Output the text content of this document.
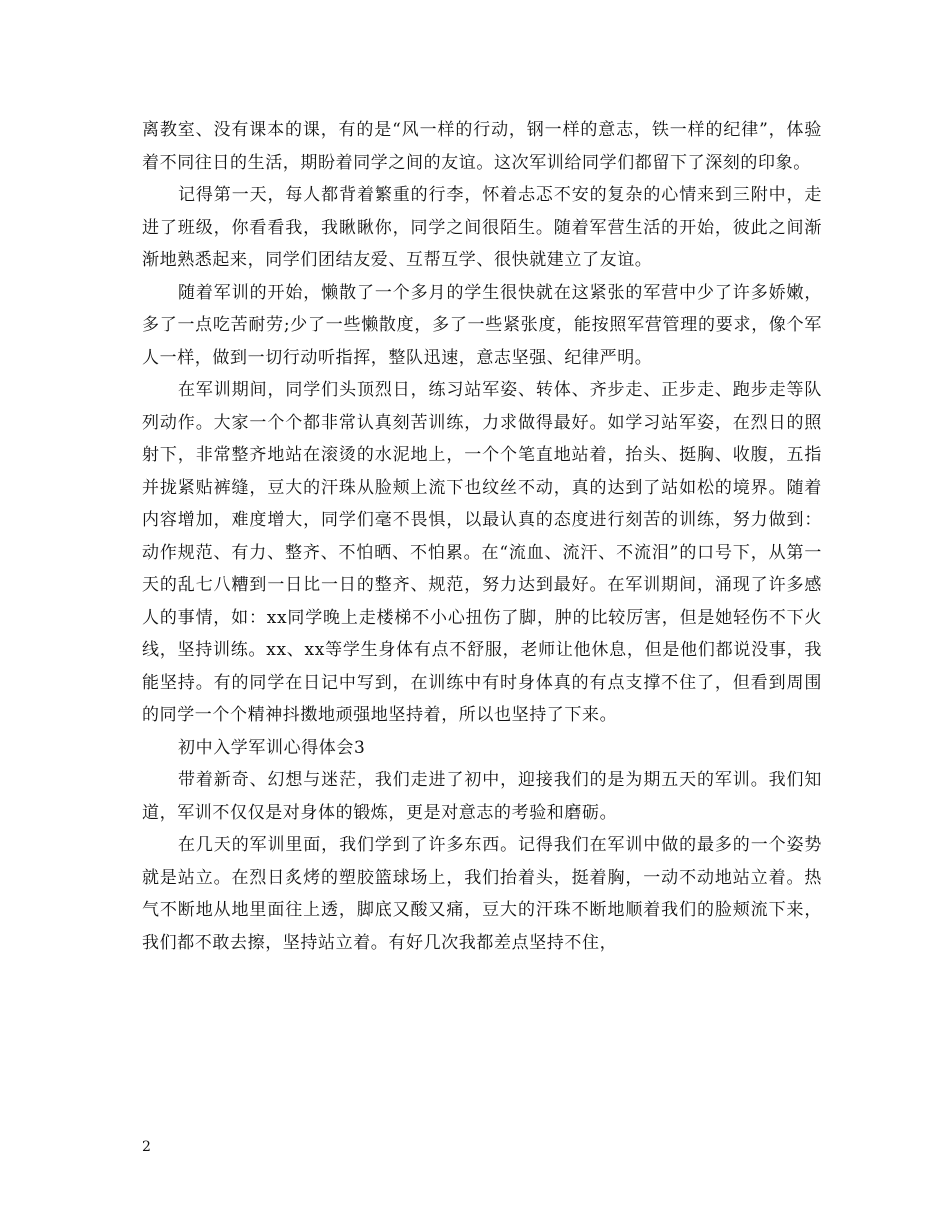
离教室、没有课本的课，有的是“风一样的行动，钢一样的意志，铁一样的纪律”，体验着不同往日的生活，期盼着同学之间的友谊。这次军训给同学们都留下了深刻的印象。

记得第一天，每人都背着繁重的行李，怀着忐忑不安的复杂的心情来到三附中，走进了班级，你看看我，我瞅瞅你，同学之间很陌生。随着军营生活的开始，彼此之间渐渐地熟悉起来，同学们团结友爱、互帮互学、很快就建立了友谊。

随着军训的开始，懒散了一个多月的学生很快就在这紧张的军营中少了许多娇嫩，多了一点吃苦耐劳;少了一些懒散度，多了一些紧张度，能按照军营管理的要求，像个军人一样，做到一切行动听指挥，整队迅速，意志坚强、纪律严明。

在军训期间，同学们头顶烈日，练习站军姿、转体、齐步走、正步走、跑步走等队列动作。大家一个个都非常认真刻苦训练，力求做得最好。如学习站军姿，在烈日的照射下，非常整齐地站在滚烫的水泥地上，一个个笔直地站着，抬头、挺胸、收腹，五指并拢紧贴裤缝，豆大的汗珠从脸颊上流下也纹丝不动，真的达到了站如松的境界。随着内容增加，难度增大，同学们毫不畏惧，以最认真的态度进行刻苦的训练，努力做到：动作规范、有力、整齐、不怕晒、不怕累。在“流血、流汗、不流泪”的口号下，从第一天的乱七八糟到一日比一日的整齐、规范，努力达到最好。在军训期间，涌现了许多感人的事情，如：xx同学晚上走楼梯不小心扭伤了脚，肿的比较厉害，但是她轻伤不下火线，坚持训练。xx、xx等学生身体有点不舒服，老师让他休息，但是他们都说没事，我能坚持。有的同学在日记中写到，在训练中有时身体真的有点支撑不住了，但看到周围的同学一个个精神抖擞地顽强地坚持着，所以也坚持了下来。

初中入学军训心得体会3

带着新奇、幻想与迷茫，我们走进了初中，迎接我们的是为期五天的军训。我们知道，军训不仅仅是对身体的锻炼，更是对意志的考验和磨砺。

在几天的军训里面，我们学到了许多东西。记得我们在军训中做的最多的一个姿势就是站立。在烈日炙烤的塑胶篮球场上，我们抬着头，挺着胸，一动不动地站立着。热气不断地从地里面往上透，脚底又酸又痛，豆大的汗珠不断地顺着我们的脸颊流下来，我们都不敢去擦，坚持站立着。有好几次我都差点坚持不住，

2
